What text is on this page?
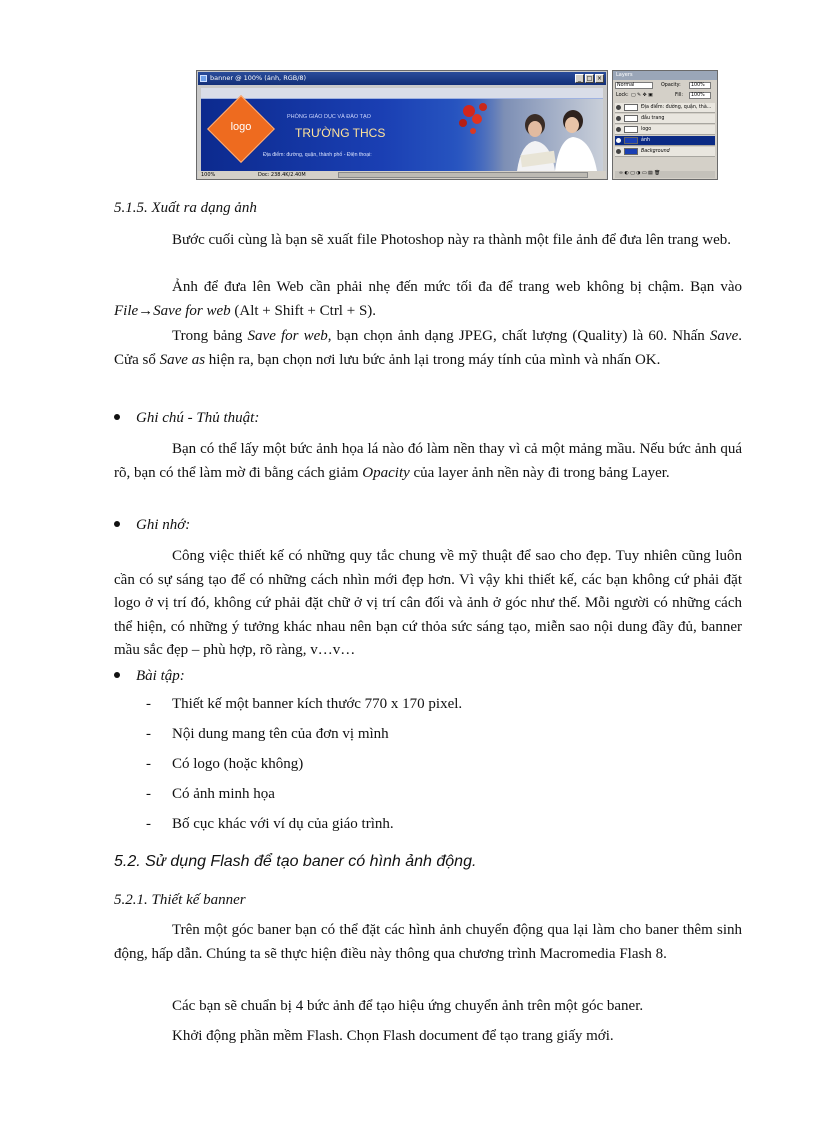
banner @ 100% (ảnh, RGB/8)	_ □ ×
logo
PHÒNG GIÁO DỤC VÀ ĐÀO TẠO
TRƯỜNG THCS
Địa điểm: đường, quận, thành phố - Điện thoại:
100%	Doc: 238.4K/2.40M
Layers
Normal	Opacity:	100%
Lock: ▢ ✎ ✥ ▣	Fill:	100%
Địa điểm: đường, quận, thà...
đầu trang
logo
ảnh
Background
∞ ◐ ▢ ◑ ▭ ▤ 🗑
5.1.5. Xuất ra dạng ảnh
Bước cuối cùng là bạn sẽ xuất file Photoshop này ra thành một file ảnh để đưa lên trang web.
Ảnh để đưa lên Web cần phải nhẹ đến mức tối đa để trang web không bị chậm. Bạn vào File→Save for web (Alt + Shift + Ctrl + S).
Trong bảng Save for web, bạn chọn ảnh dạng JPEG, chất lượng (Quality) là 60. Nhấn Save. Cửa sổ Save as hiện ra, bạn chọn nơi lưu bức ảnh lại trong máy tính của mình và nhấn OK.
Ghi chú - Thủ thuật:
Bạn có thể lấy một bức ảnh họa lá nào đó làm nền thay vì cả một mảng mầu. Nếu bức ảnh quá rõ, bạn có thể làm mờ đi bằng cách giảm Opacity của layer ảnh nền này đi trong bảng Layer.
Ghi nhớ:
Công việc thiết kế có những quy tắc chung về mỹ thuật để sao cho đẹp. Tuy nhiên cũng luôn cần có sự sáng tạo để có những cách nhìn mới đẹp hơn. Vì vậy khi thiết kế, các bạn không cứ phải đặt logo ở vị trí đó, không cứ phải đặt chữ ở vị trí cân đối và ảnh ở góc như thế. Mỗi người có những cách thể hiện, có những ý tưởng khác nhau nên bạn cứ thỏa sức sáng tạo, miễn sao nội dung đầy đủ, banner mầu sắc đẹp – phù hợp, rõ ràng, v…v…
Bài tập:
- Thiết kế một banner kích thước 770 x 170 pixel.
- Nội dung mang tên của đơn vị mình
- Có logo (hoặc không)
- Có ảnh minh họa
- Bố cục khác với ví dụ của giáo trình.
5.2. Sử dụng Flash để tạo baner có hình ảnh động.
5.2.1. Thiết kế banner
Trên một góc baner bạn có thể đặt các hình ảnh chuyển động qua lại làm cho baner thêm sinh động, hấp dẫn. Chúng ta sẽ thực hiện điều này thông qua chương trình Macromedia Flash 8.
Các bạn sẽ chuẩn bị 4 bức ảnh để tạo hiệu ứng chuyển ảnh trên một góc baner.
Khởi động phần mềm Flash. Chọn Flash document để tạo trang giấy mới.
